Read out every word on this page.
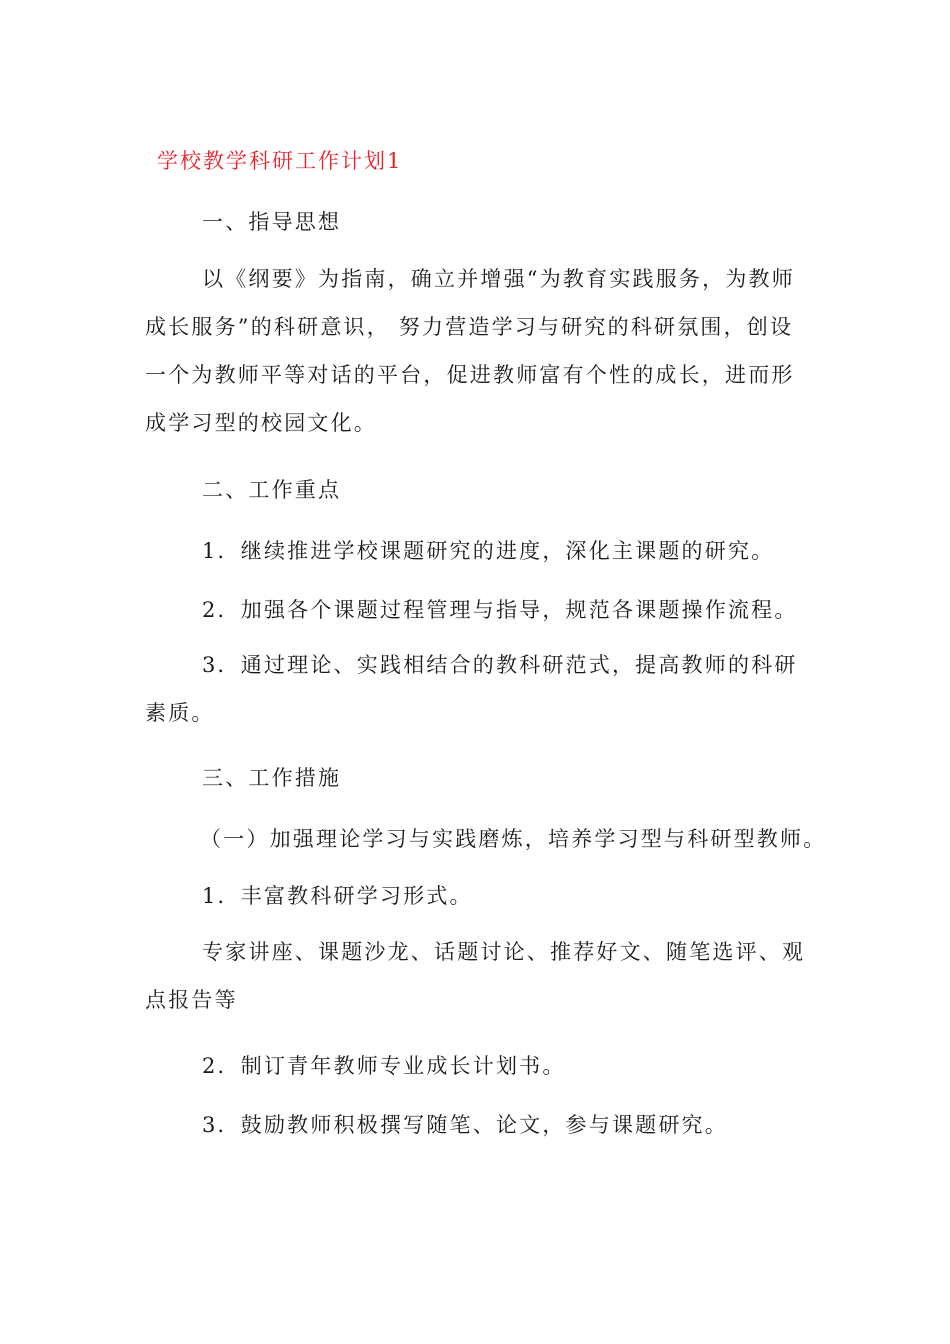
学校教学科研工作计划1
一、指导思想
以《纲要》为指南，确立并增强“为教育实践服务，为教师成长服务”的科研意识， 努力营造学习与研究的科研氛围，创设一个为教师平等对话的平台，促进教师富有个性的成长，进而形成学习型的校园文化。
二、工作重点
1．继续推进学校课题研究的进度，深化主课题的研究。
2．加强各个课题过程管理与指导，规范各课题操作流程。
3．通过理论、实践相结合的教科研范式，提高教师的科研素质。
三、工作措施
（一）加强理论学习与实践磨炼，培养学习型与科研型教师。
1．丰富教科研学习形式。
专家讲座、课题沙龙、话题讨论、推荐好文、随笔选评、观点报告等
2．制订青年教师专业成长计划书。
3．鼓励教师积极撰写随笔、论文，参与课题研究。
